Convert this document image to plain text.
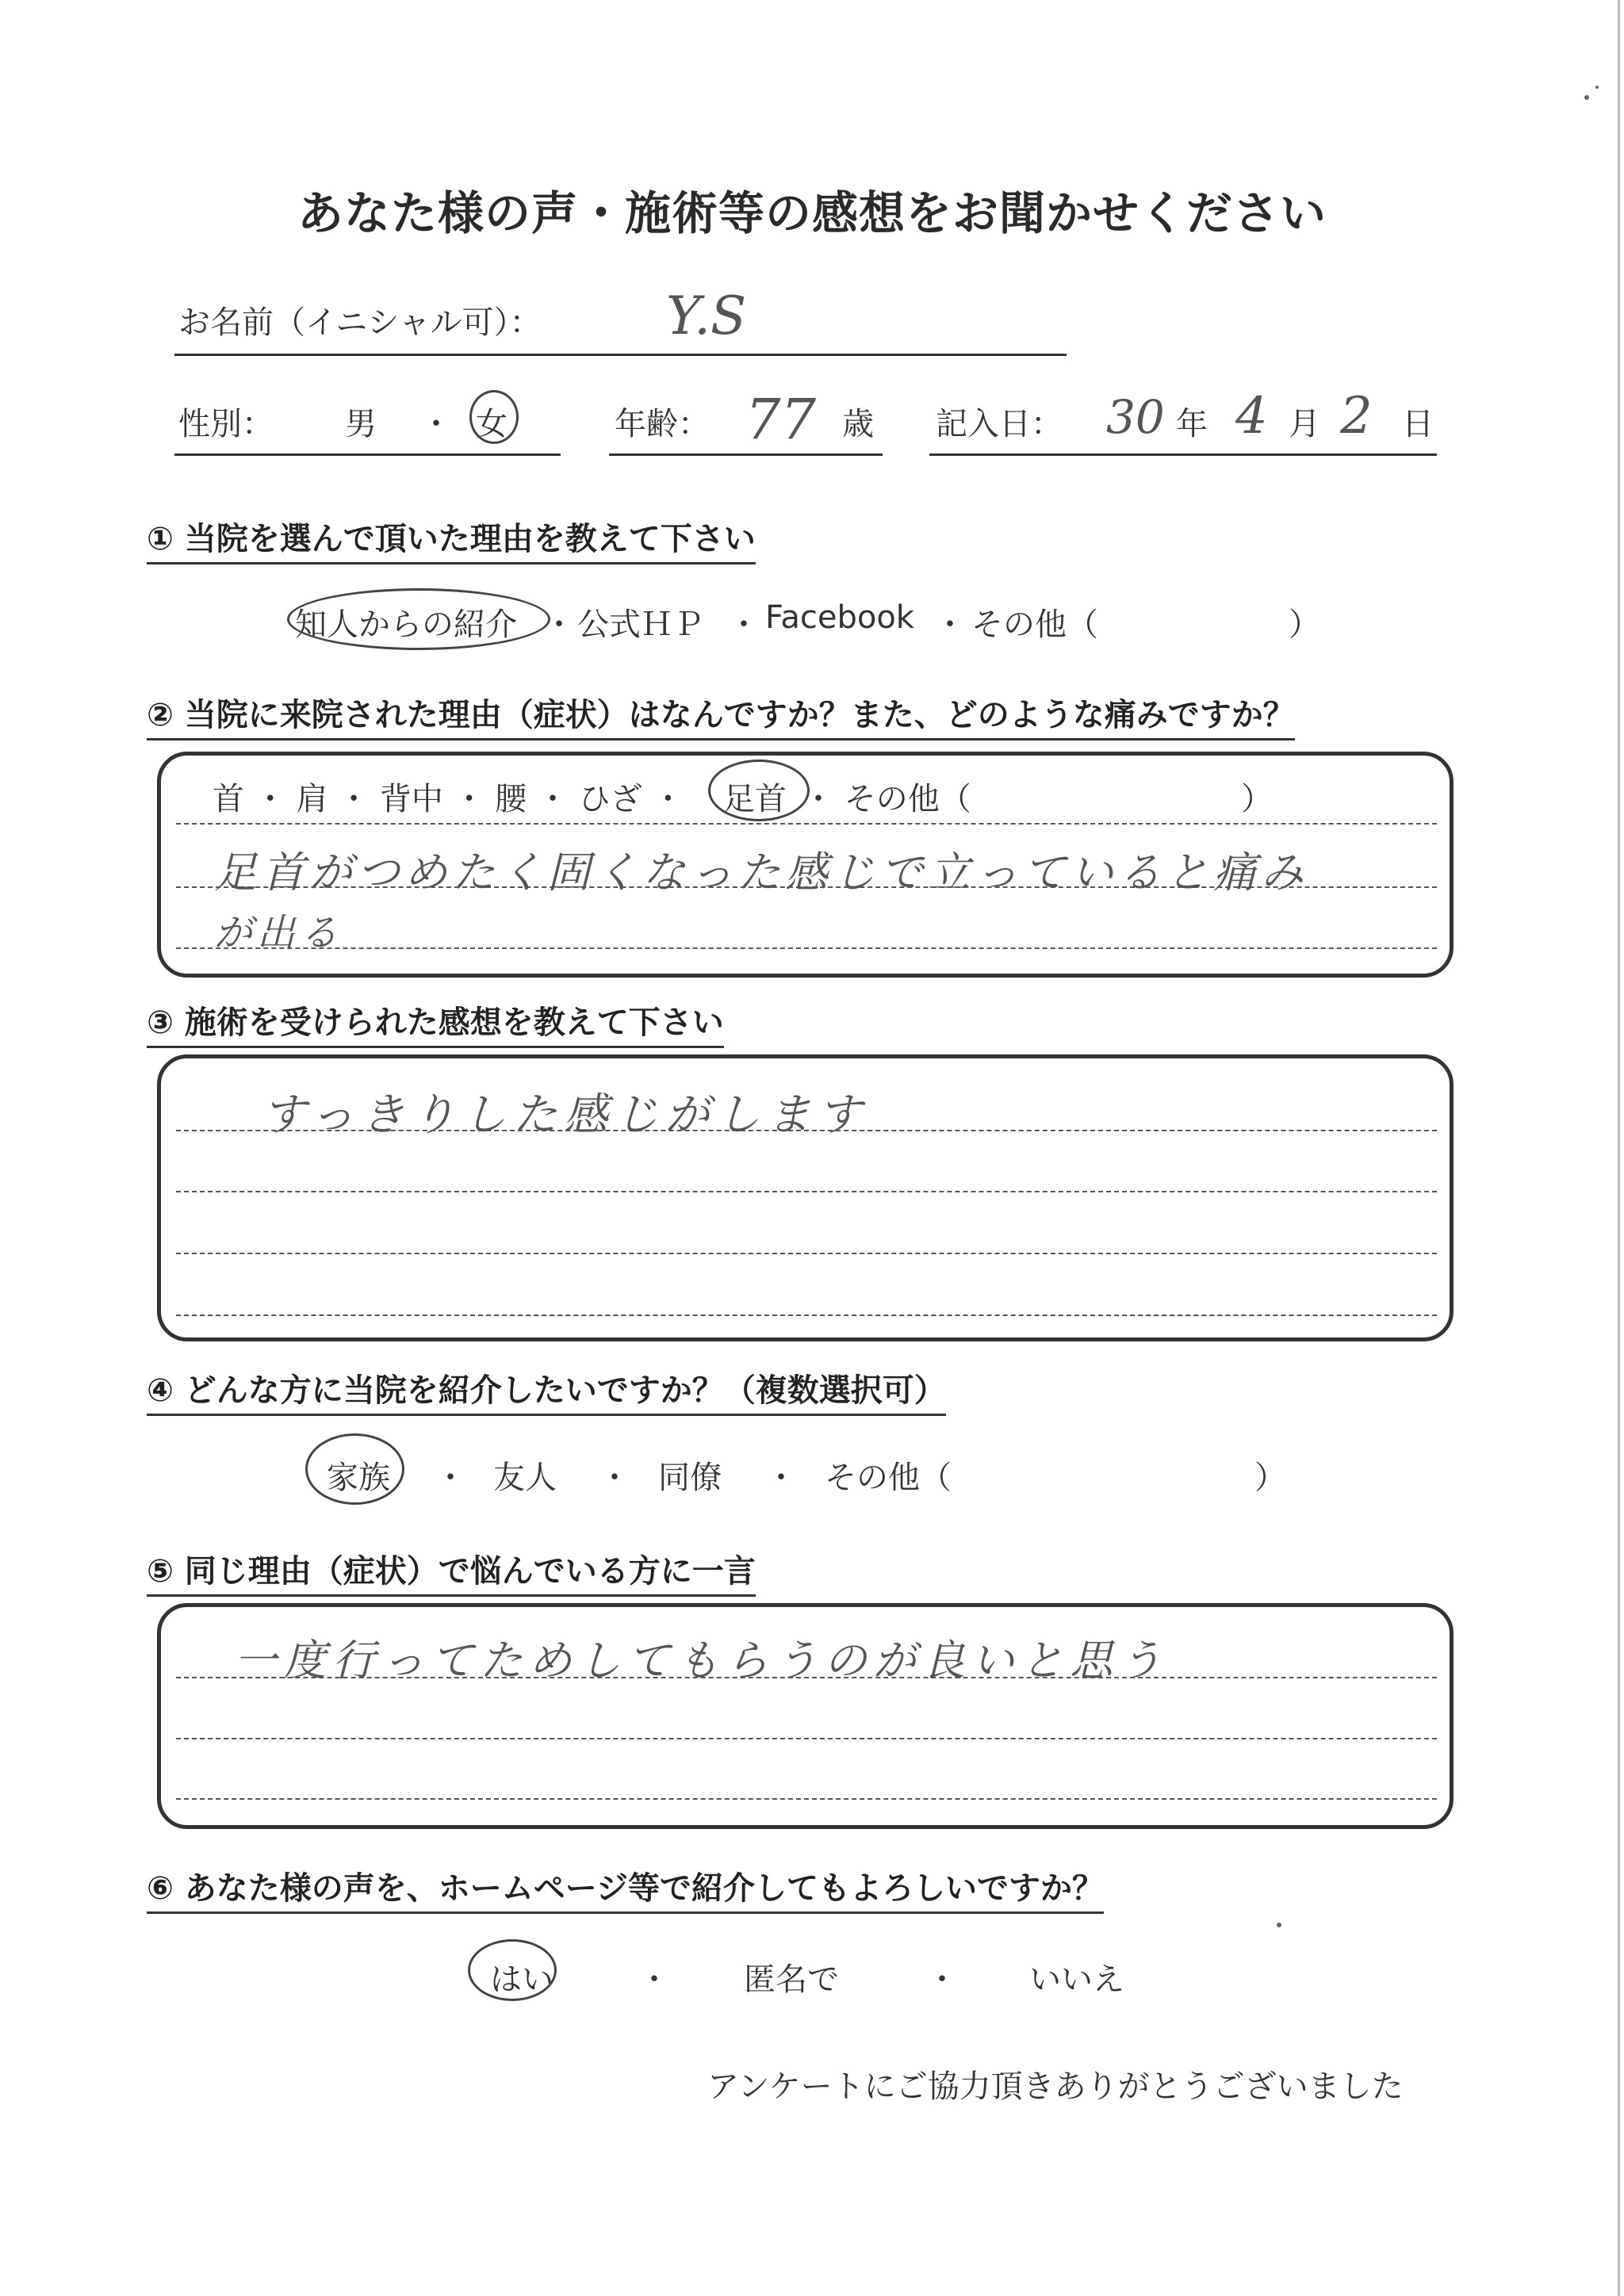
あなた様の声・施術等の感想をお聞かせください
お名前（イニシャル可）： Y.S
性別： 男 ・ 女	年齢： 77 歳 記入日： 30 年 4 月 2 日
① 当院を選んで頂いた理由を教えて下さい
知人からの紹介 ・ 公式ＨＰ ・ Facebook ・ その他（	）
② 当院に来院された理由（症状）はなんですか？また、どのような痛みですか？
首 ・ 肩 ・ 背中 ・ 腰 ・ ひざ ・ 足首 ・ その他（	）
足首がつめたく固くなった感じで立っていると痛み
が出る
③ 施術を受けられた感想を教えて下さい
すっきりした感じがします
④ どんな方に当院を紹介したいですか？（複数選択可）
家族 ・ 友人 ・ 同僚 ・ その他（	）
⑤ 同じ理由（症状）で悩んでいる方に一言
一度行ってためしてもらうのが良いと思う
⑥ あなた様の声を、ホームページ等で紹介してもよろしいですか？
はい	・ 匿名で	・ いいえ
アンケートにご協力頂きありがとうございました
